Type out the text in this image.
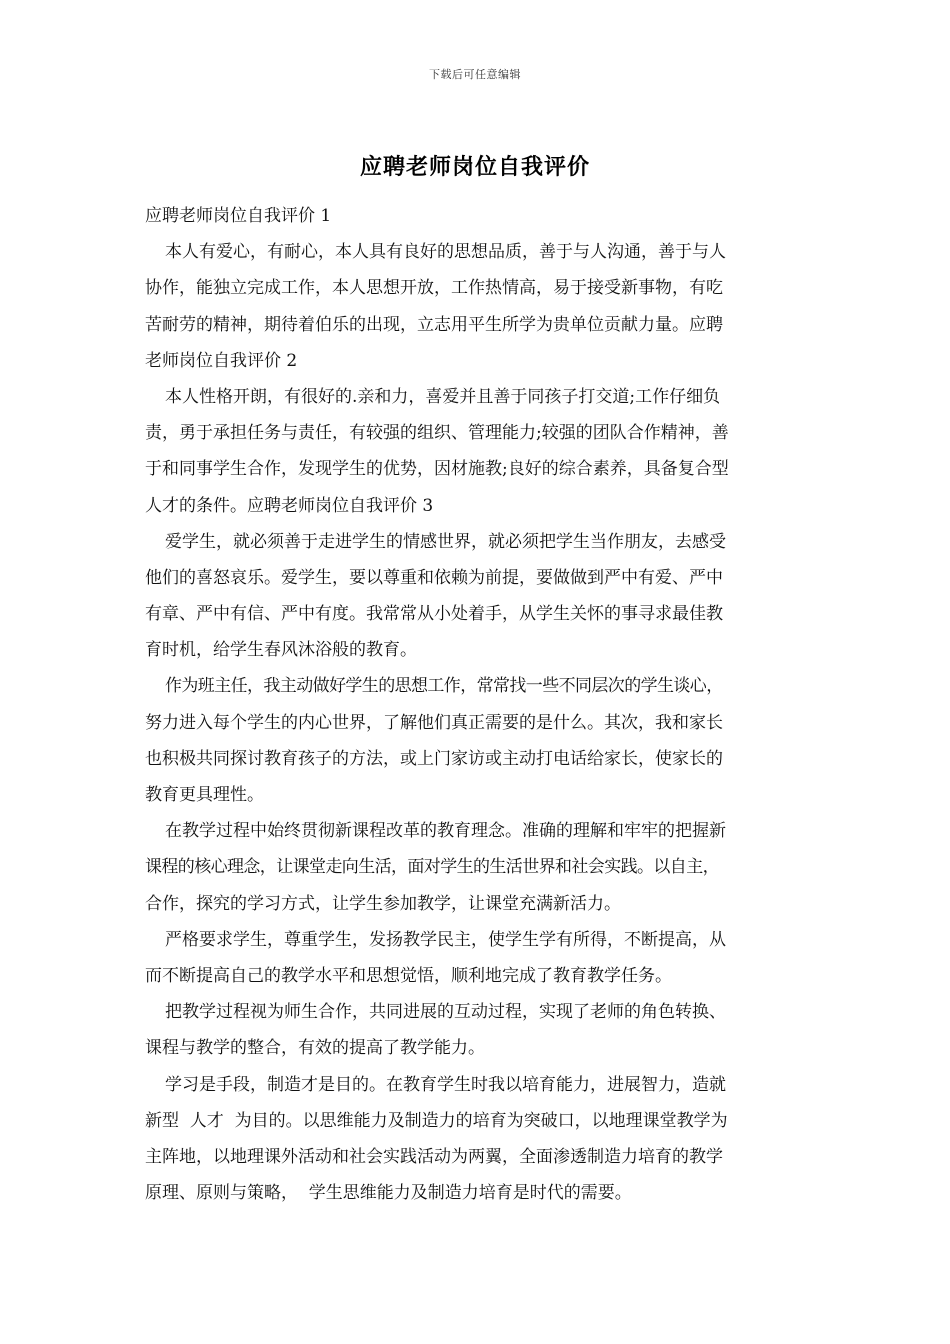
下载后可任意编辑
应聘老师岗位自我评价
应聘老师岗位自我评价 1
本人有爱心，有耐心，本人具有良好的思想品质，善于与人沟通，善于与人
协作，能独立完成工作，本人思想开放，工作热情高，易于接受新事物，有吃
苦耐劳的精神，期待着伯乐的出现，立志用平生所学为贵单位贡献力量。应聘
老师岗位自我评价 2
本人性格开朗，有很好的.亲和力，喜爱并且善于同孩子打交道;工作仔细负
责，勇于承担任务与责任，有较强的组织、管理能力;较强的团队合作精神，善
于和同事学生合作，发现学生的优势，因材施教;良好的综合素养，具备复合型
人才的条件。应聘老师岗位自我评价 3
爱学生，就必须善于走进学生的情感世界，就必须把学生当作朋友，去感受
他们的喜怒哀乐。爱学生，要以尊重和依赖为前提，要做做到严中有爱、严中
有章、严中有信、严中有度。我常常从小处着手，从学生关怀的事寻求最佳教
育时机，给学生春风沐浴般的教育。
作为班主任，我主动做好学生的思想工作，常常找一些不同层次的学生谈心，
努力进入每个学生的内心世界，了解他们真正需要的是什么。其次，我和家长
也积极共同探讨教育孩子的方法，或上门家访或主动打电话给家长，使家长的
教育更具理性。
在教学过程中始终贯彻新课程改革的教育理念。准确的理解和牢牢的把握新
课程的核心理念，让课堂走向生活，面对学生的生活世界和社会实践。以自主，
合作，探究的学习方式，让学生参加教学，让课堂充满新活力。
严格要求学生，尊重学生，发扬教学民主，使学生学有所得，不断提高，从
而不断提高自己的教学水平和思想觉悟，顺利地完成了教育教学任务。
把教学过程视为师生合作，共同进展的互动过程，实现了老师的角色转换、
课程与教学的整合，有效的提高了教学能力。
学习是手段，制造才是目的。在教育学生时我以培育能力，进展智力，造就
新型  人才  为目的。以思维能力及制造力的培育为突破口，以地理课堂教学为
主阵地，以地理课外活动和社会实践活动为两翼，全面渗透制造力培育的教学
原理、原则与策略，  学生思维能力及制造力培育是时代的需要。
